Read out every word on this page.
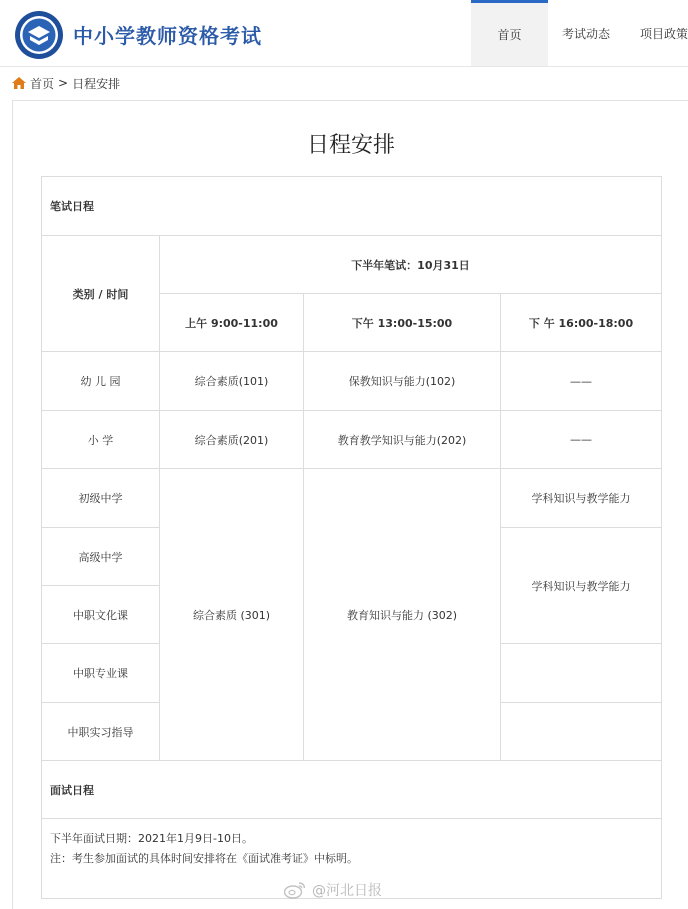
中小学教师资格考试	首页	考试动态	项目政策
首页 > 日程安排
日程安排
笔试日程			
类别 / 时间	下半年笔试：10月31日		
	上午 9:00-11:00	下午 13:00-15:00	下 午 16:00-18:00
幼 儿 园	综合素质(101)	保教知识与能力(102)	——
小 学	综合素质(201)	教育教学知识与能力(202)	——
初级中学	综合素质 (301)	教育知识与能力 (302)	学科知识与教学能力
高级中学			学科知识与教学能力
中职文化课			
中职专业课			
中职实习指导			
面试日程			

下半年面试日期：2021年1月9日-10日。
注：考生参加面试的具体时间安排将在《面试准考证》中标明。			
@河北日报
